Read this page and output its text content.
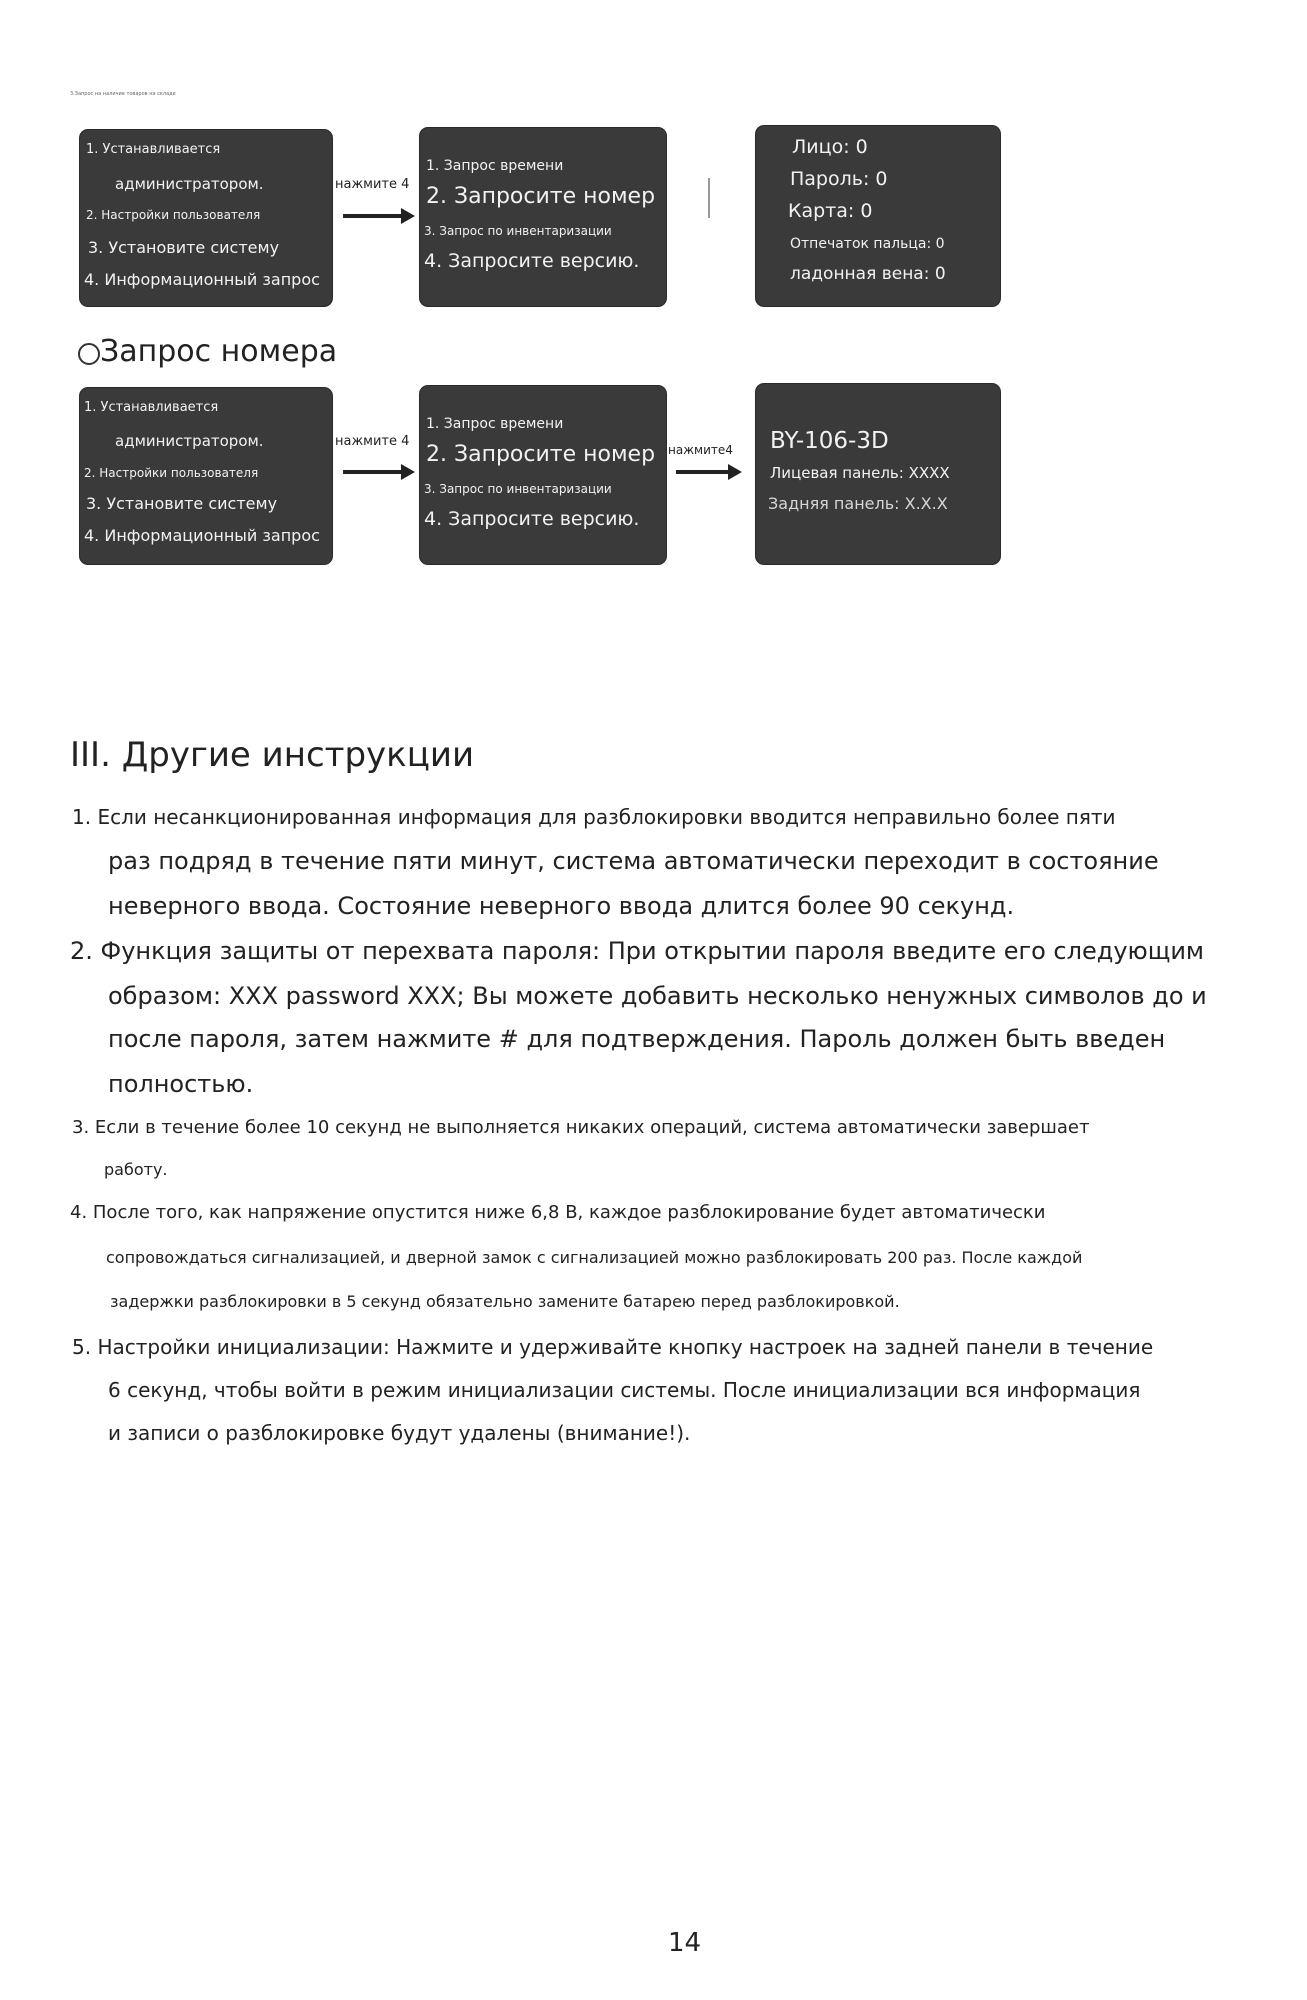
3.Запрос на наличие товаров на складе
1. Устанавливается
администратором.
2. Настройки пользователя
3. Установите систему
4. Информационный запрос
нажмите 4
1. Запрос времени
2. Запросите номер
3. Запрос по инвентаризации
4. Запросите версию.
Лицо: 0
Пароль: 0
Карта: 0
Отпечаток пальца: 0
ладонная вена: 0
Запрос номера
1. Устанавливается
администратором.
2. Настройки пользователя
3. Установите систему
4. Информационный запрос
нажмите 4
1. Запрос времени
2. Запросите номер
3. Запрос по инвентаризации
4. Запросите версию.
нажмите4 BY-106-3D
Лицевая панель: XXXX
Задняя панель: X.X.X
III. Другие инструкции
1. Если несанкционированная информация для разблокировки вводится неправильно более пяти
раз подряд в течение пяти минут, система автоматически переходит в состояние
неверного ввода. Состояние неверного ввода длится более 90 секунд.
2. Функция защиты от перехвата пароля: При открытии пароля введите его следующим
образом: XXX password XXX; Вы можете добавить несколько ненужных символов до и
после пароля, затем нажмите # для подтверждения. Пароль должен быть введен
полностью.
3. Если в течение более 10 секунд не выполняется никаких операций, система автоматически завершает
работу.
4. После того, как напряжение опустится ниже 6,8 В, каждое разблокирование будет автоматически
сопровождаться сигнализацией, и дверной замок с сигнализацией можно разблокировать 200 раз. После каждой
задержки разблокировки в 5 секунд обязательно замените батарею перед разблокировкой.
5. Настройки инициализации: Нажмите и удерживайте кнопку настроек на задней панели в течение
6 секунд, чтобы войти в режим инициализации системы. После инициализации вся информация
и записи о разблокировке будут удалены (внимание!).
14
